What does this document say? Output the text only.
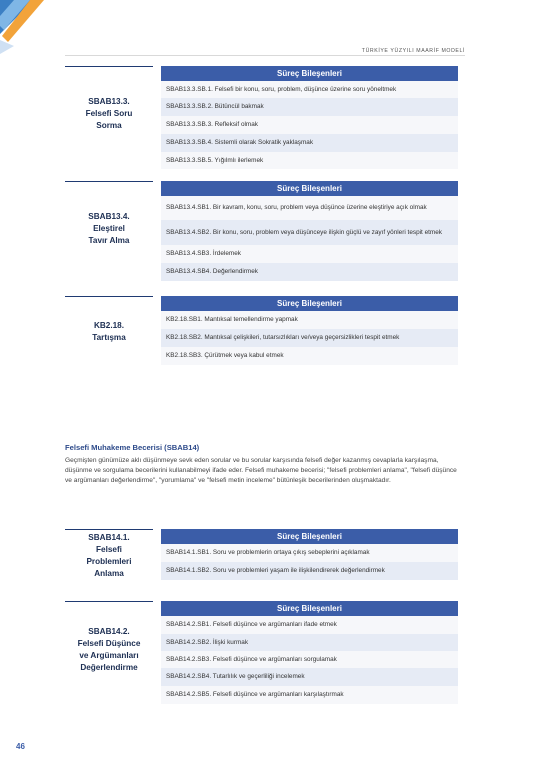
TÜRKİYE YÜZYILI MAARİF MODELİ
SBAB13.3.
Felsefi Soru
Sorma
Süreç Bileşenleri
SBAB13.3.SB.1. Felsefi bir konu, soru, problem, düşünce üzerine soru yöneltmek
SBAB13.3.SB.2. Bütüncül bakmak
SBAB13.3.SB.3. Refleksif olmak
SBAB13.3.SB.4. Sistemli olarak Sokratik yaklaşmak
SBAB13.3.SB.5. Yığılmlı ilerlemek
SBAB13.4.
Eleştirel
Tavır Alma
Süreç Bileşenleri
SBAB13.4.SB1. Bir kavram, konu, soru, problem veya düşünce üzerine eleştiriye açık olmak
SBAB13.4.SB2. Bir konu, soru, problem veya düşünceye ilişkin güçlü ve zayıf yönleri tespit etmek
SBAB13.4.SB3. İrdelemek
SBAB13.4.SB4. Değerlendirmek
KB2.18.
Tartışma
Süreç Bileşenleri
KB2.18.SB1. Mantıksal temellendirme yapmak
KB2.18.SB2. Mantıksal çelişkileri, tutarsızlıkları ve/veya geçersizlikleri tespit etmek
KB2.18.SB3. Çürütmek veya kabul etmek
Felsefi Muhakeme Becerisi (SBAB14)
Geçmişten günümüze aklı düşünmeye sevk eden sorular ve bu sorular karşısında felsefi değer kazanmış cevaplarla karşılaşma, düşünme ve sorgulama becerilerini kullanabilmeyi ifade eder. Felsefi muhakeme becerisi; "felsefi problemleri anlama", "felsefi düşünce ve argümanları değerlendirme", "yorumlama" ve "felsefi metin inceleme" bütünleşik becerilerinden oluşmaktadır.
SBAB14.1.
Felsefi
Problemleri
Anlama
Süreç Bileşenleri
SBAB14.1.SB1. Soru ve problemlerin ortaya çıkış sebeplerini açıklamak
SBAB14.1.SB2. Soru ve problemleri yaşam ile ilişkilendirerek değerlendirmek
SBAB14.2.
Felsefi Düşünce
ve Argümanları
Değerlendirme
Süreç Bileşenleri
SBAB14.2.SB1. Felsefi düşünce ve argümanları ifade etmek
SBAB14.2.SB2. İlişki kurmak
SBAB14.2.SB3. Felsefi düşünce ve argümanları sorgulamak
SBAB14.2.SB4. Tutarlılık ve geçerliliği incelemek
SBAB14.2.SB5. Felsefi düşünce ve argümanları karşılaştırmak
46
